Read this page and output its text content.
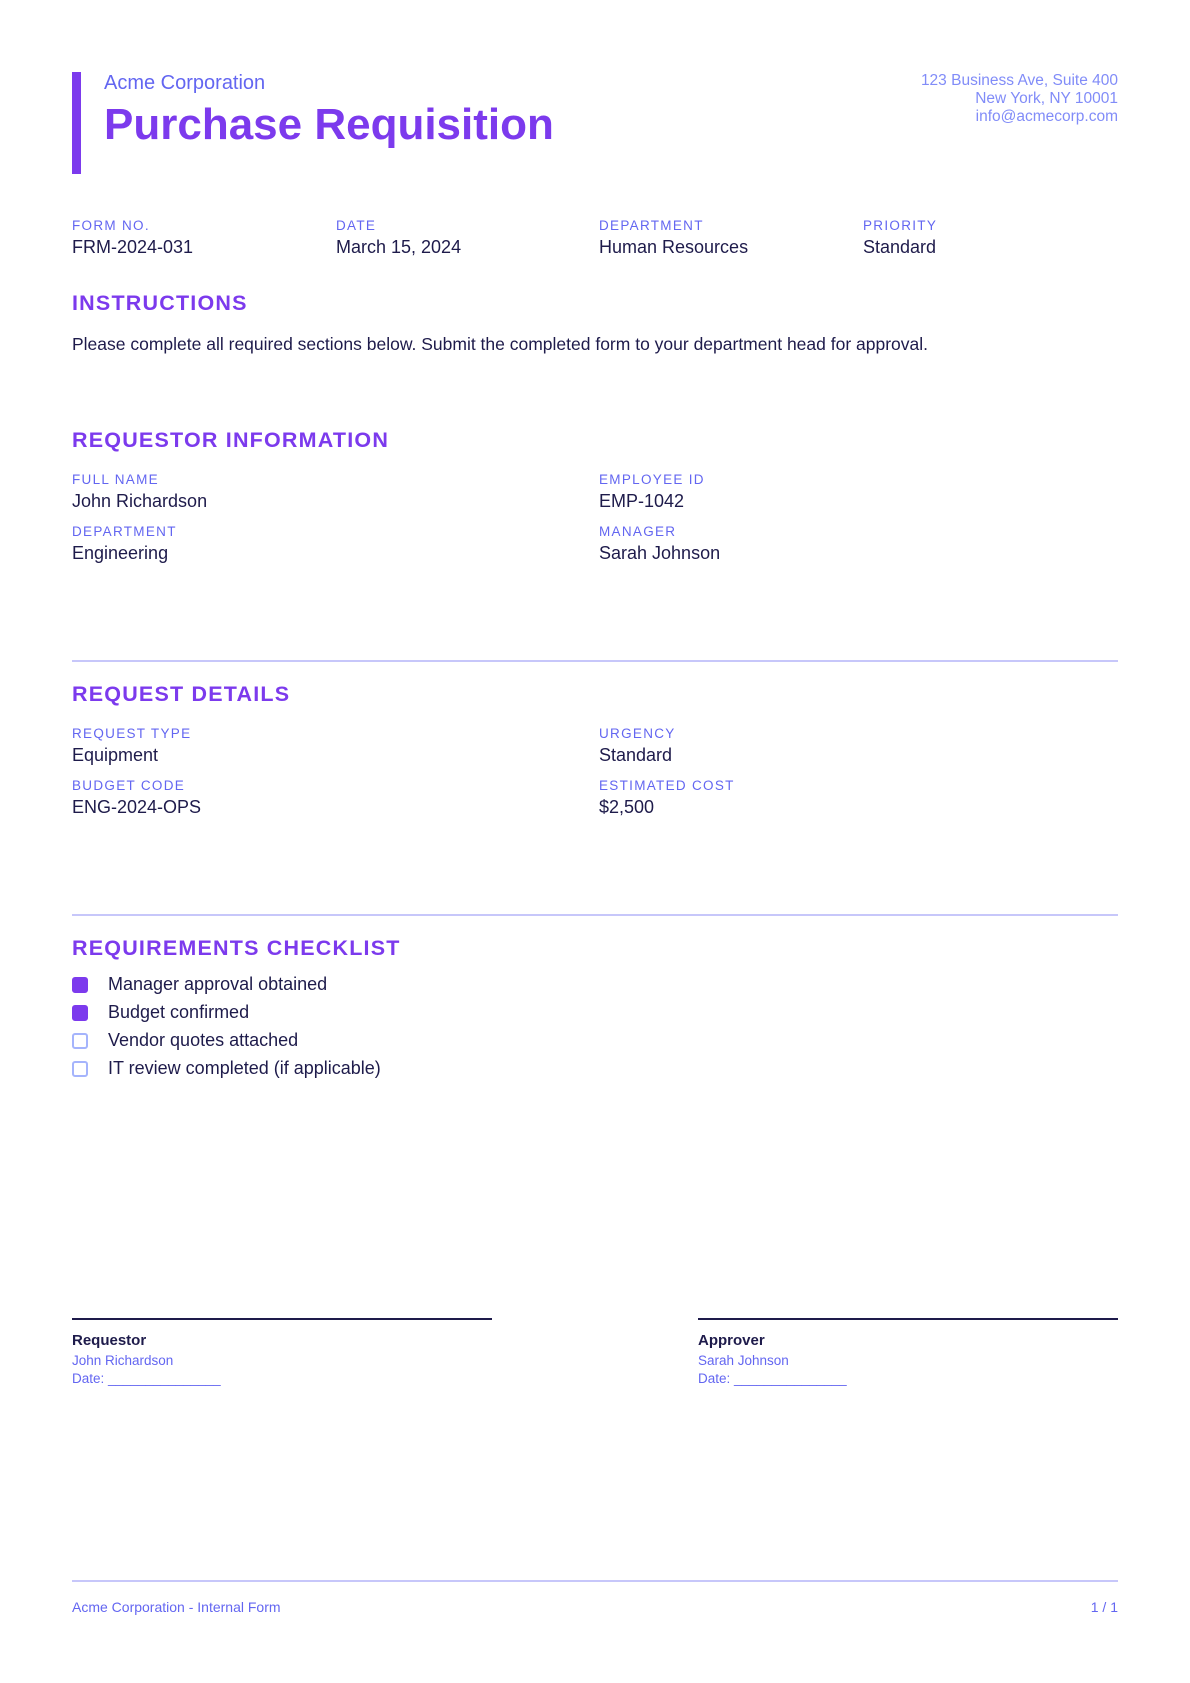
Acme Corporation
Purchase Requisition
123 Business Ave, Suite 400
New York, NY 10001
info@acmecorp.com
FORM NO.
FRM-2024-031
DATE
March 15, 2024
DEPARTMENT
Human Resources
PRIORITY
Standard
INSTRUCTIONS
Please complete all required sections below. Submit the completed form to your department head for approval.
REQUESTOR INFORMATION
FULL NAME
John Richardson
EMPLOYEE ID
EMP-1042
DEPARTMENT
Engineering
MANAGER
Sarah Johnson
REQUEST DETAILS
REQUEST TYPE
Equipment
URGENCY
Standard
BUDGET CODE
ENG-2024-OPS
ESTIMATED COST
$2,500
REQUIREMENTS CHECKLIST
Manager approval obtained
Budget confirmed
Vendor quotes attached
IT review completed (if applicable)
Requestor
John Richardson
Date: _______________
Approver
Sarah Johnson
Date: _______________
Acme Corporation - Internal Form	1 / 1
